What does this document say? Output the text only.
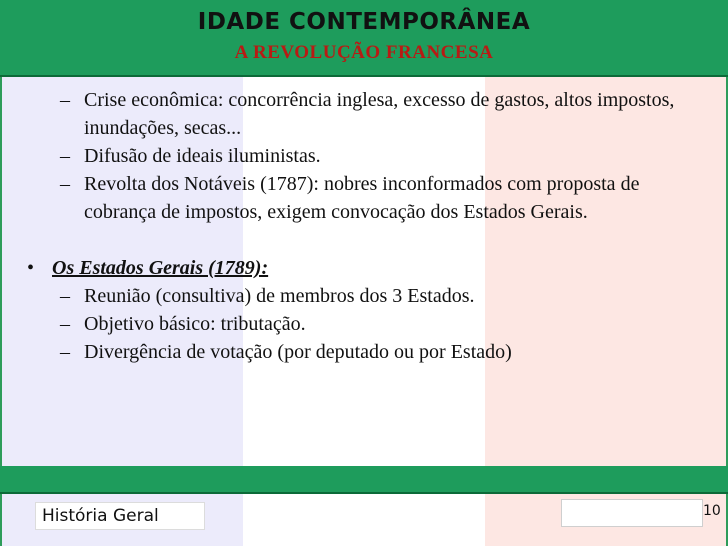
IDADE CONTEMPORÂNEA
A REVOLUÇÃO FRANCESA
– Crise econômica: concorrência inglesa, excesso de gastos, altos impostos, inundações, secas...
– Difusão de ideais iluministas.
– Revolta dos Notáveis (1787): nobres inconformados com proposta de cobrança de impostos, exigem convocação dos Estados Gerais.
• Os Estados Gerais (1789):
– Reunião (consultiva) de membros dos 3 Estados.
– Objetivo básico: tributação.
– Divergência de votação (por deputado ou por Estado)
História Geral	10
